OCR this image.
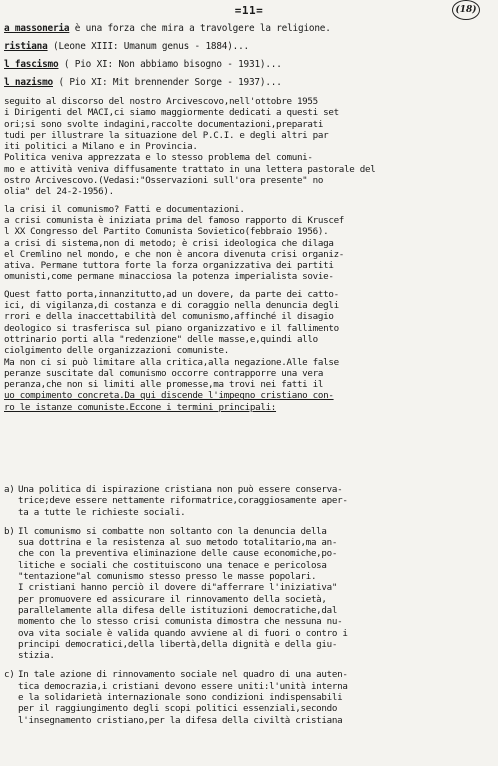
=11=	(18)
a massoneria è una forza che mira a travolgere la religione.
ristiana (Leone XIII: Umanum genus - 1884)...
l fascismo ( Pio XI: Non abbiamo bisogno - 1931)...
l nazismo ( Pio XI: Mit brennender Sorge - 1937)...
seguito al discorso del nostro Arcivescovo,nell'ottobre 1955
i Dirigenti del MACI,ci siamo maggiormente dedicati a questi set
ori;si sono svolte indagini,raccolte documentazioni,preparati
tudi per illustrare la situazione del P.C.I. e degli altri par
iti politici a Milano e in Provincia.
Politica veniva apprezzata e lo stesso problema del comuni-
mo e attività veniva diffusamente trattato in una lettera pastorale del
ostro Arcivescovo.(Vedasi:"Osservazioni sull'ora presente" no
olia" del 24-2-1956).
la crisi il comunismo? Fatti e documentazioni.
a crisi comunista è iniziata prima del famoso rapporto di Kruscef
l XX Congresso del Partito Comunista Sovietico(febbraio 1956).
a crisi di sistema,non di metodo; è crisi ideologica che dilaga
el Cremlino nel mondo, e che non è ancora divenuta crisi organiz-
ativa. Permane tuttora forte la forza organizzativa dei partiti
omunisti,come permane minacciosa la potenza imperialista sovie-
Quest fatto porta,innanzitutto,ad un dovere, da parte dei catto-
ici, di vigilanza,di costanza e di coraggio nella denuncia degli
rrori e della inaccettabilità del comunismo,affinché il disagio
deologico si trasferisca sul piano organizzativo e il fallimento
ottrinario porti alla "redenzione" delle masse,e,quindi allo
ciolgimento delle organizzazioni comuniste.
Ma non ci si può limitare alla critica,alla negazione.Alle false
peranze suscitate dal comunismo occorre contrapporre una vera
peranza,che non si limiti alle promesse,ma trovi nei fatti il
uo compimento concreta.Da qui discende l'impegno cristiano con-
ro le istanze comuniste.Eccone i termini principali:
a) Una politica di ispirazione cristiana non può essere conserva-
trice;deve essere nettamente riformatrice,coraggiosamente aper-
ta a tutte le richieste sociali.
b) Il comunismo si combatte non soltanto con la denuncia della
sua dottrina e la resistenza al suo metodo totalitario,ma an-
che con la preventiva eliminazione delle cause economiche,po-
litiche e sociali che costituiscono una tenace e pericolosa
"tentazione"al comunismo stesso presso le masse popolari.
I cristiani hanno perciò il dovere di"afferrare l'iniziativa"
per promuovere ed assicurare il rinnovamento della società,
parallelamente alla difesa delle istituzioni democratiche,dal
momento che lo stesso crisi comunista dimostra che nessuna nu-
ova vita sociale è valida quando avviene al di fuori o contro i
principi democratici,della libertà,della dignità e della giu-
stizia.
c) In tale azione di rinnovamento sociale nel quadro di una auten-
tica democrazia,i cristiani devono essere uniti:l'unità interna
e la solidarietà internazionale sono condizioni indispensabili
per il raggiungimento degli scopi politici essenziali,secondo
l'insegnamento cristiano,per la difesa della civiltà cristiana
